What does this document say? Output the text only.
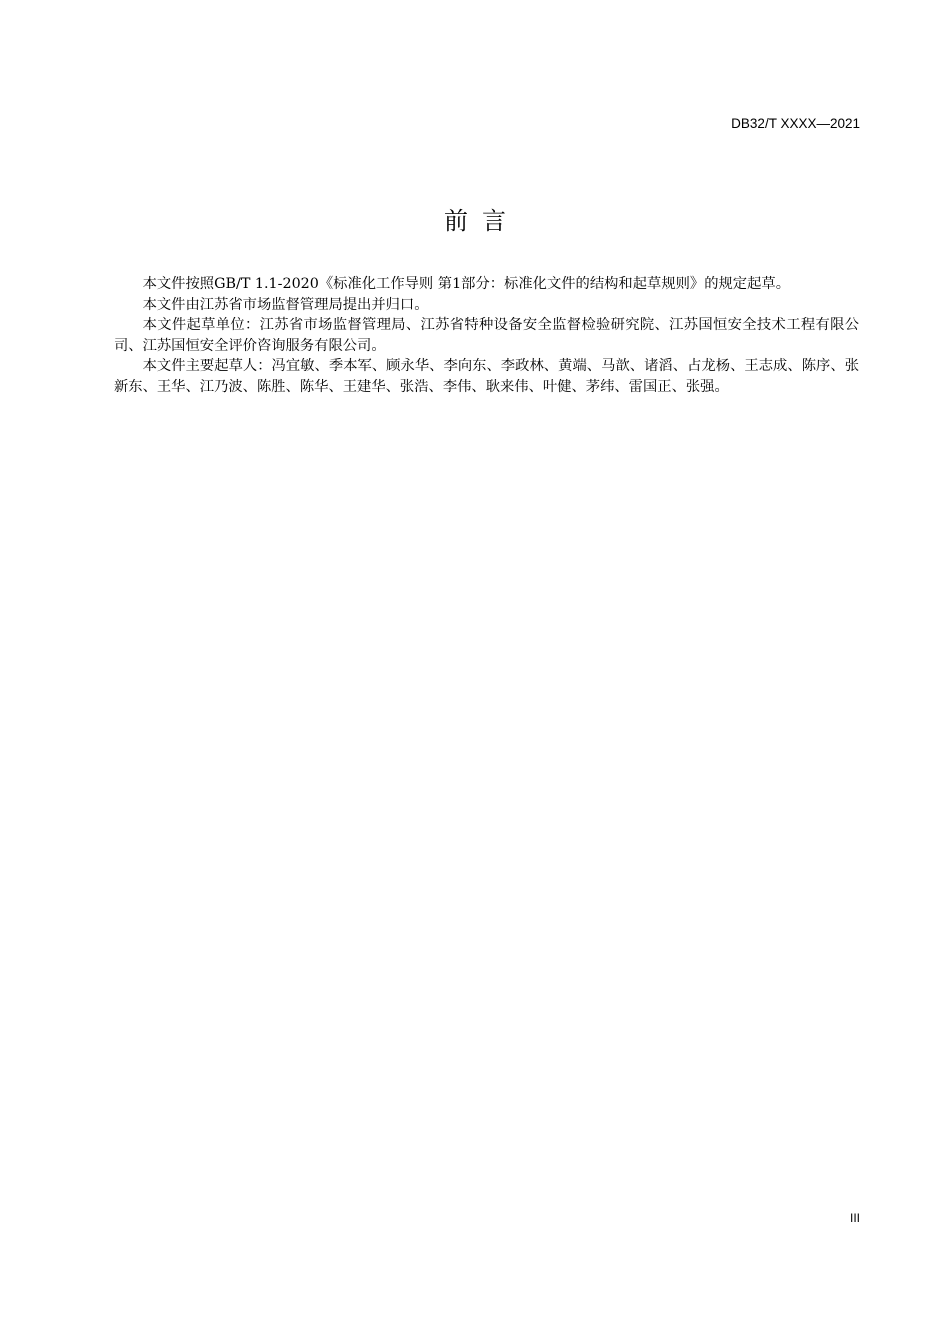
DB32/T XXXX—2021
前言

本文件按照GB/T 1.1-2020《标准化工作导则 第1部分：标准化文件的结构和起草规则》的规定起草。

本文件由江苏省市场监督管理局提出并归口。

本文件起草单位：江苏省市场监督管理局、江苏省特种设备安全监督检验研究院、江苏国恒安全技术工程有限公司、江苏国恒安全评价咨询服务有限公司。

本文件主要起草人：冯宜敏、季本军、顾永华、李向东、李政林、黄端、马歆、诸滔、占龙杨、王志成、陈序、张新东、王华、江乃波、陈胜、陈华、王建华、张浩、李伟、耿来伟、叶健、茅纬、雷国正、张强。

III
